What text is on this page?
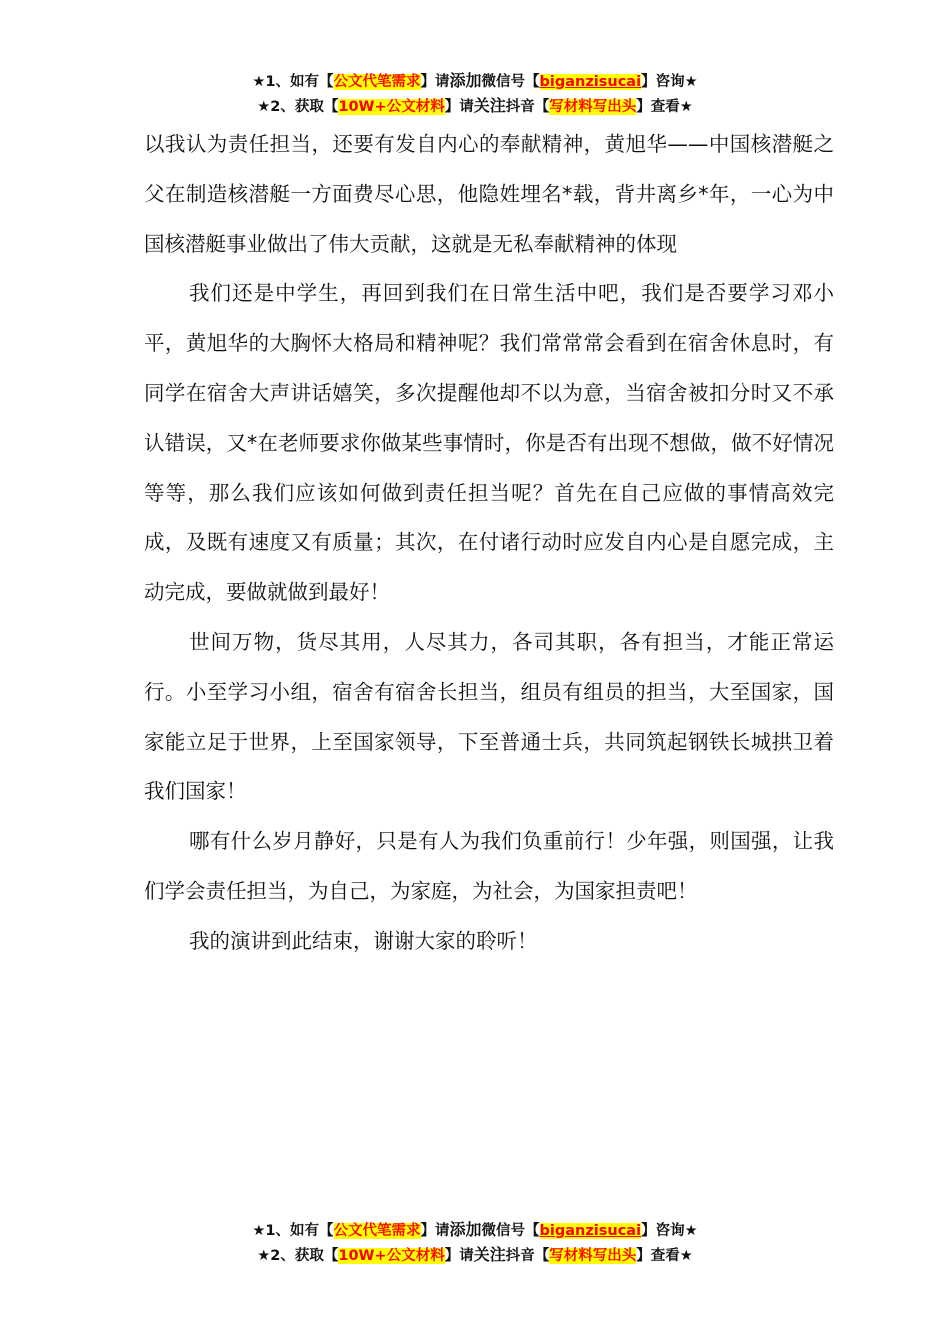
★1、如有【公文代笔需求】请添加微信号【biganzisucai】咨询★
★2、获取【10W+公文材料】请关注抖音【写材料写出头】查看★

以我认为责任担当，还要有发自内心的奉献精神，黄旭华——中国核潜艇之父在制造核潜艇一方面费尽心思，他隐姓埋名*载，背井离乡*年，一心为中国核潜艇事业做出了伟大贡献，这就是无私奉献精神的体现

我们还是中学生，再回到我们在日常生活中吧，我们是否要学习邓小平，黄旭华的大胸怀大格局和精神呢？我们常常常会看到在宿舍休息时，有同学在宿舍大声讲话嬉笑，多次提醒他却不以为意，当宿舍被扣分时又不承认错误，又*在老师要求你做某些事情时，你是否有出现不想做，做不好情况等等，那么我们应该如何做到责任担当呢？首先在自己应做的事情高效完成，及既有速度又有质量；其次，在付诸行动时应发自内心是自愿完成，主动完成，要做就做到最好！

世间万物，货尽其用，人尽其力，各司其职，各有担当，才能正常运行。小至学习小组，宿舍有宿舍长担当，组员有组员的担当，大至国家，国家能立足于世界，上至国家领导，下至普通士兵，共同筑起钢铁长城拱卫着我们国家！

哪有什么岁月静好，只是有人为我们负重前行！少年强，则国强，让我们学会责任担当，为自己，为家庭，为社会，为国家担责吧！

我的演讲到此结束，谢谢大家的聆听！

★1、如有【公文代笔需求】请添加微信号【biganzisucai】咨询★
★2、获取【10W+公文材料】请关注抖音【写材料写出头】查看★
